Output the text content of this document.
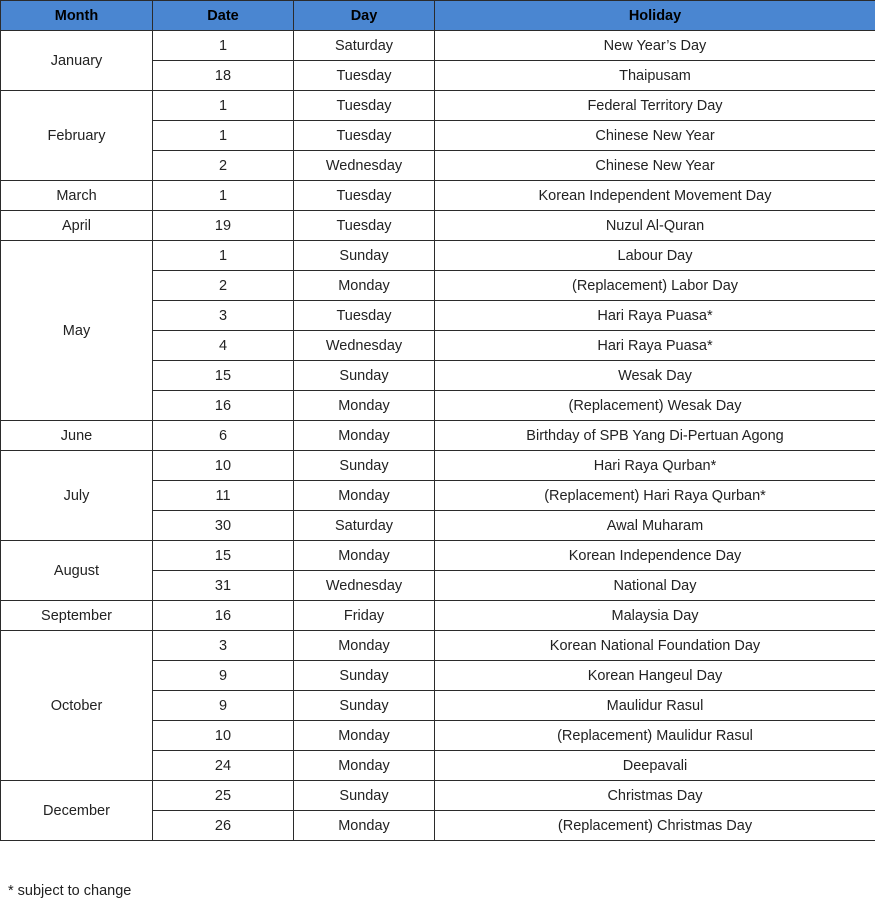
Month	Date	Day	Holiday
January	1	Saturday	New Year’s Day
	18	Tuesday	Thaipusam
February	1	Tuesday	Federal Territory Day
	1	Tuesday	Chinese New Year
	2	Wednesday	Chinese New Year
March	1	Tuesday	Korean Independent Movement Day
April	19	Tuesday	Nuzul Al-Quran
May	1	Sunday	Labour Day
	2	Monday	(Replacement) Labor Day
	3	Tuesday	Hari Raya Puasa*
	4	Wednesday	Hari Raya Puasa*
	15	Sunday	Wesak Day
	16	Monday	(Replacement) Wesak Day
June	6	Monday	Birthday of SPB Yang Di-Pertuan Agong
July	10	Sunday	Hari Raya Qurban*
	11	Monday	(Replacement) Hari Raya Qurban*
	30	Saturday	Awal Muharam
August	15	Monday	Korean Independence Day
	31	Wednesday	National Day
September	16	Friday	Malaysia Day
October	3	Monday	Korean National Foundation Day
	9	Sunday	Korean Hangeul Day
	9	Sunday	Maulidur Rasul
	10	Monday	(Replacement) Maulidur Rasul
	24	Monday	Deepavali
December	25	Sunday	Christmas Day
	26	Monday	(Replacement) Christmas Day
* subject to change
